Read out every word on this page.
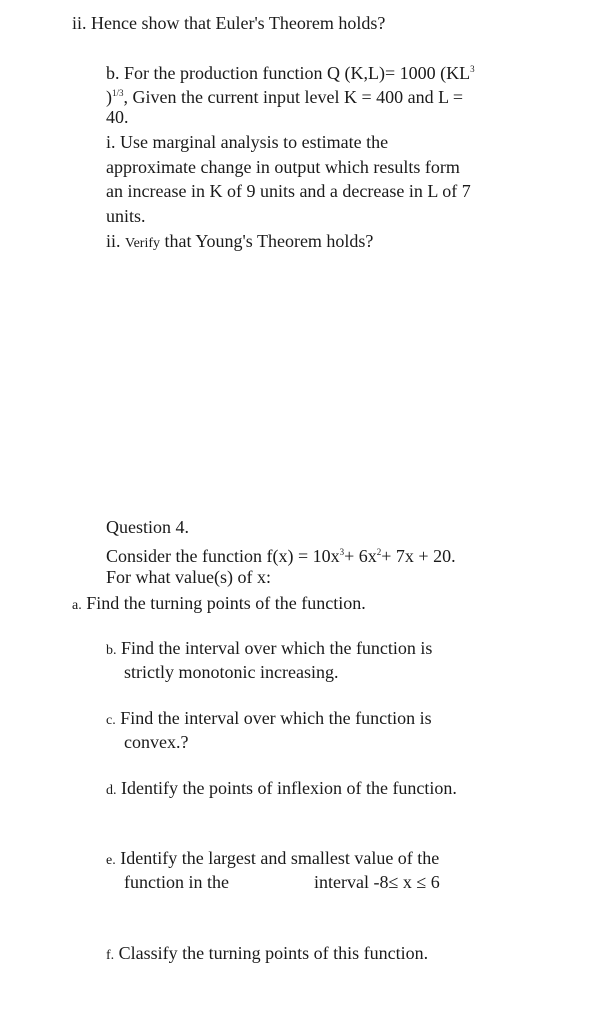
ii. Hence show that Euler's Theorem holds?
b. For the production function Q (K,L)= 1000 ($KL^3$
)$^{1/3}$, Given the current input level K = 400 and L =
40.
i. Use marginal analysis to estimate the
approximate change in output which results form
an increase in K of 9 units and a decrease in L of 7
units.
ii. Verify that Young's Theorem holds?
Question 4.
Consider the function $f(x) = 10x^3+ 6x^2+ 7x + 20$.
For what value(s) of x:
a. Find the turning points of the function.
b. Find the interval over which the function is
strictly monotonic increasing.
c. Find the interval over which the function is
convex.?
d. Identify the points of inflexion of the function.
e. Identify the largest and smallest value of the
function in the	interval -8≤ x ≤ 6
f. Classify the turning points of this function.
